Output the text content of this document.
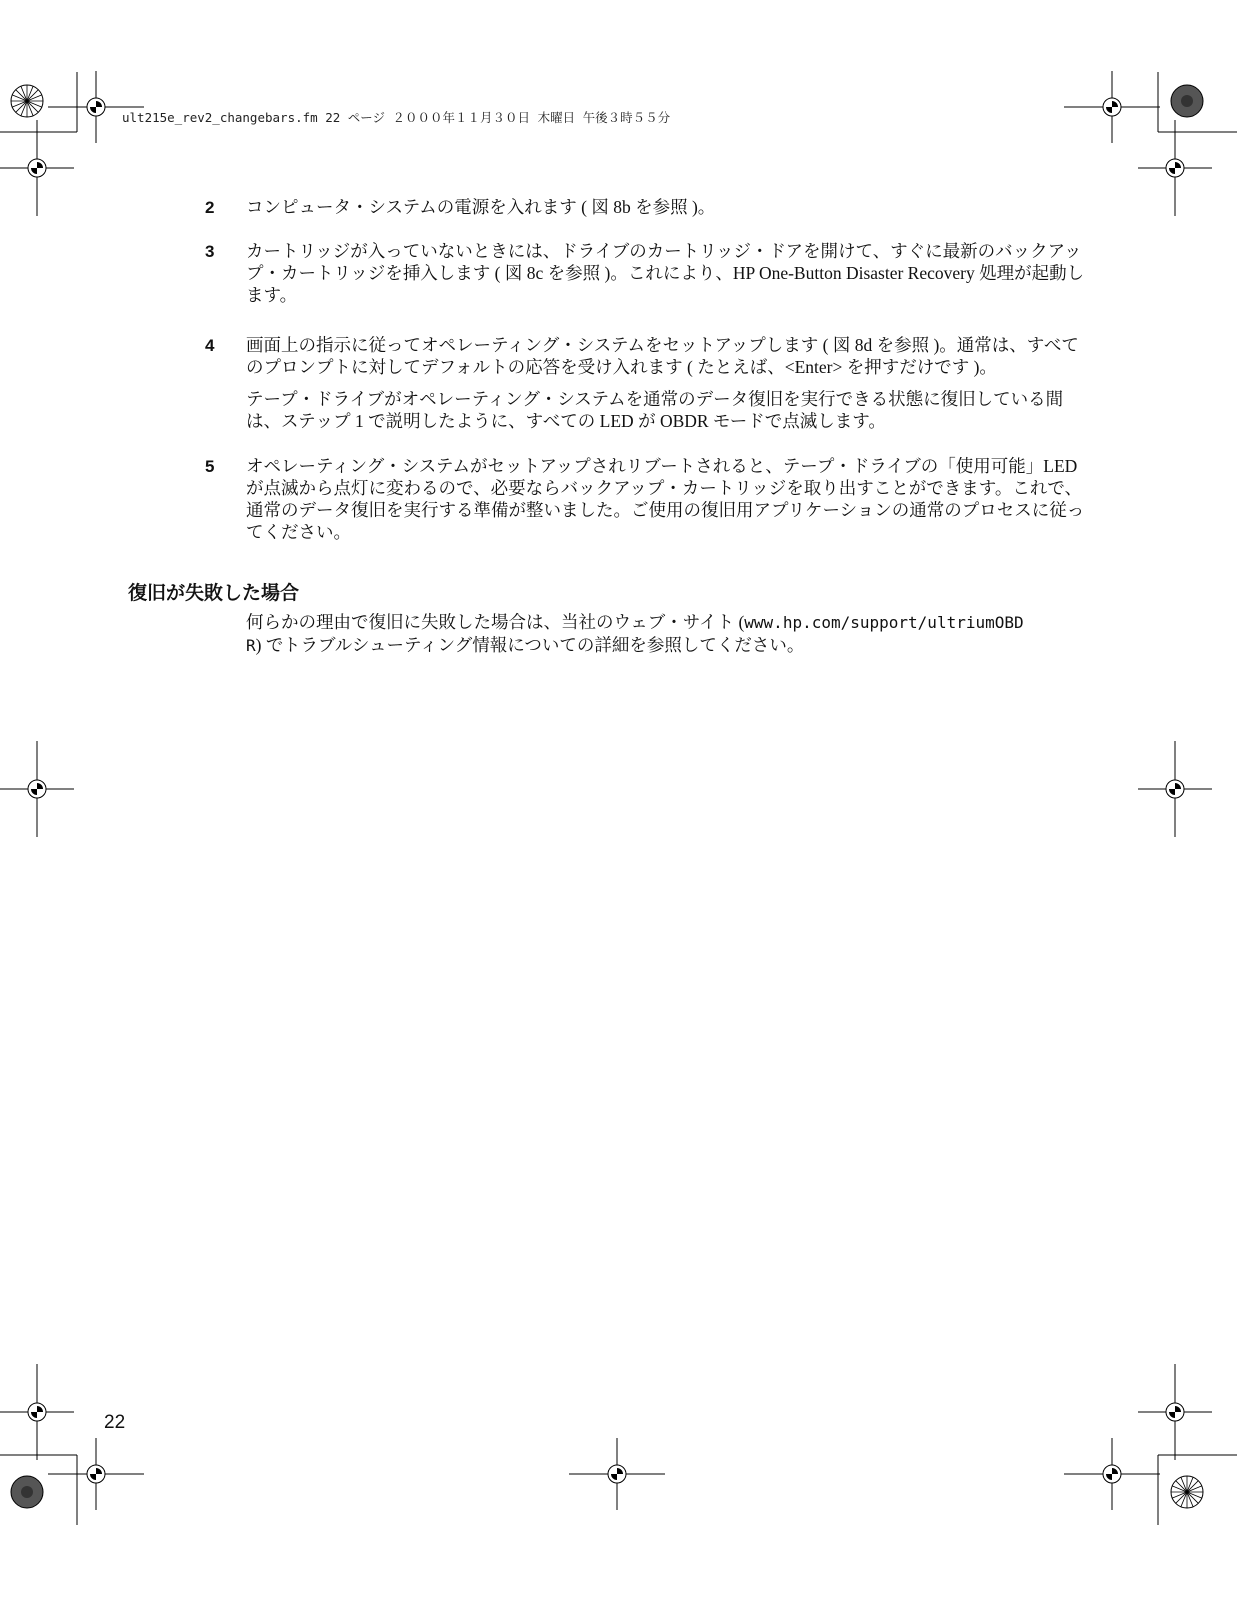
ult215e_rev2_changebars.fm 22 ページ ２０００年１１月３０日 木曜日 午後３時５５分
2 コンピュータ・システムの電源を入れます ( 図 8b を参照 )。
3 カートリッジが入っていないときには、ドライブのカートリッジ・ドアを開けて、すぐに最新のバックアップ・カートリッジを挿入します ( 図 8c を参照 )。これにより、HP One-Button Disaster Recovery 処理が起動します。
4 画面上の指示に従ってオペレーティング・システムをセットアップします ( 図 8d を参照 )。通常は、すべてのプロンプトに対してデフォルトの応答を受け入れます ( たとえば、<Enter> を押すだけです )。
テープ・ドライブがオペレーティング・システムを通常のデータ復旧を実行できる状態に復旧している間は、ステップ 1 で説明したように、すべての LED が OBDR モードで点滅します。
5 オペレーティング・システムがセットアップされリブートされると、テープ・ドライブの「使用可能」LED が点滅から点灯に変わるので、必要ならバックアップ・カートリッジを取り出すことができます。これで、通常のデータ復旧を実行する準備が整いました。ご使用の復旧用アプリケーションの通常のプロセスに従ってください。
復旧が失敗した場合
何らかの理由で復旧に失敗した場合は、当社のウェブ・サイト (www.hp.com/support/ultriumOBDR) でトラブルシューティング情報についての詳細を参照してください。
22
